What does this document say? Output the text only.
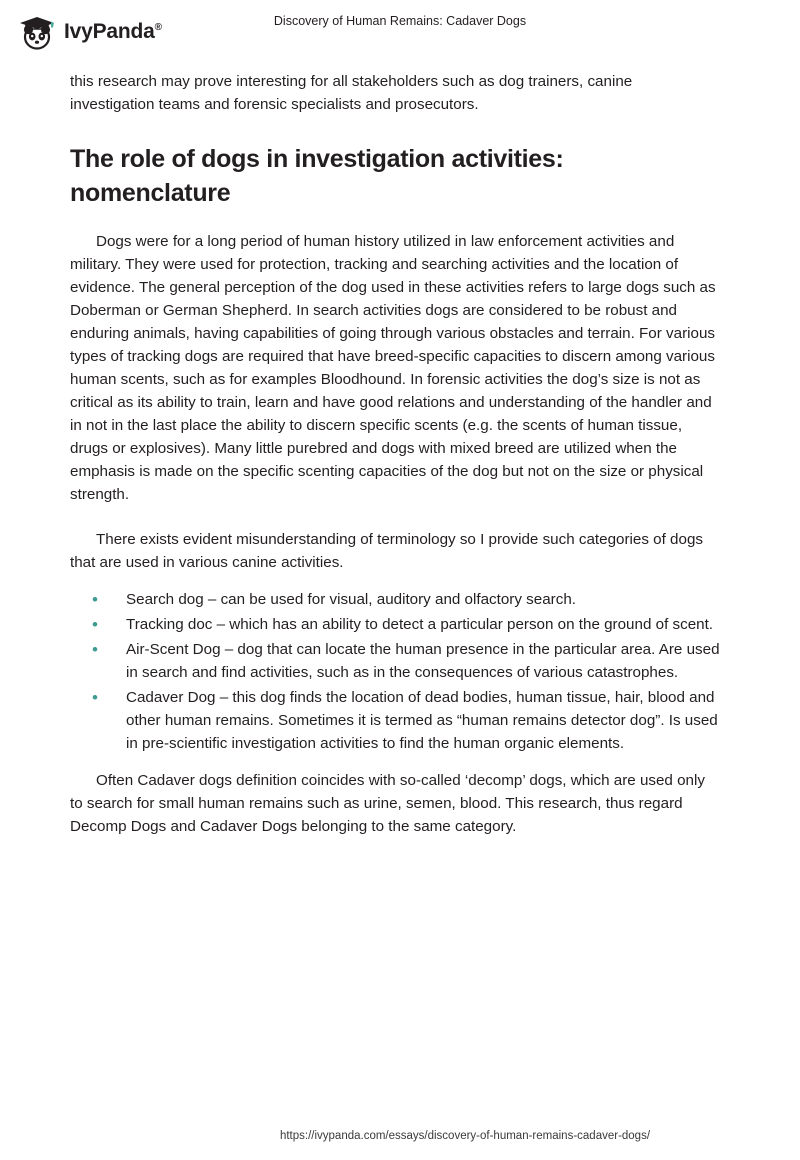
IvyPanda®	Discovery of Human Remains: Cadaver Dogs

this research may prove interesting for all stakeholders such as dog trainers, canine investigation teams and forensic specialists and prosecutors.

The role of dogs in investigation activities: nomenclature

Dogs were for a long period of human history utilized in law enforcement activities and military. They were used for protection, tracking and searching activities and the location of evidence. The general perception of the dog used in these activities refers to large dogs such as Doberman or German Shepherd. In search activities dogs are considered to be robust and enduring animals, having capabilities of going through various obstacles and terrain. For various types of tracking dogs are required that have breed-specific capacities to discern among various human scents, such as for examples Bloodhound. In forensic activities the dog’s size is not as critical as its ability to train, learn and have good relations and understanding of the handler and in not in the last place the ability to discern specific scents (e.g. the scents of human tissue, drugs or explosives). Many little purebred and dogs with mixed breed are utilized when the emphasis is made on the specific scenting capacities of the dog but not on the size or physical strength.

There exists evident misunderstanding of terminology so I provide such categories of dogs that are used in various canine activities.

• Search dog – can be used for visual, auditory and olfactory search.
• Tracking doc – which has an ability to detect a particular person on the ground of scent.
• Air-Scent Dog – dog that can locate the human presence in the particular area. Are used in search and find activities, such as in the consequences of various catastrophes.
• Cadaver Dog – this dog finds the location of dead bodies, human tissue, hair, blood and other human remains. Sometimes it is termed as “human remains detector dog”. Is used in pre-scientific investigation activities to find the human organic elements.

Often Cadaver dogs definition coincides with so-called ‘decomp’ dogs, which are used only to search for small human remains such as urine, semen, blood. This research, thus regard Decomp Dogs and Cadaver Dogs belonging to the same category.

https://ivypanda.com/essays/discovery-of-human-remains-cadaver-dogs/
